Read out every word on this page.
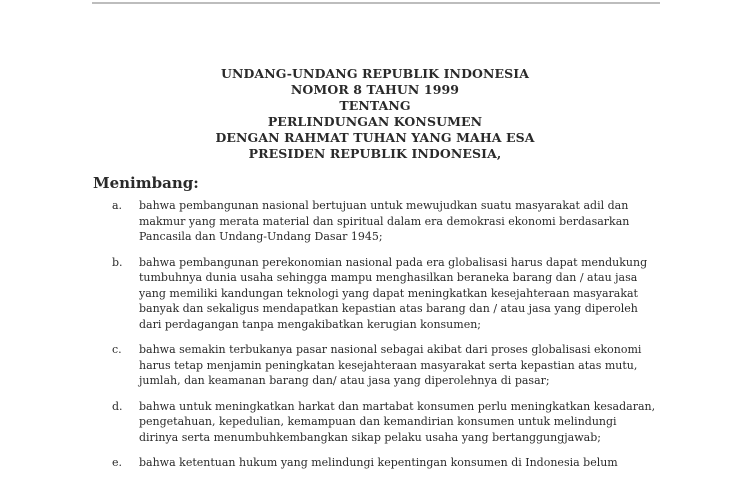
UNDANG-UNDANG REPUBLIK INDONESIA
NOMOR 8 TAHUN 1999
TENTANG
PERLINDUNGAN KONSUMEN
DENGAN RAHMAT TUHAN YANG MAHA ESA
PRESIDEN REPUBLIK INDONESIA,
Menimbang:
a.	bahwa pembangunan nasional bertujuan untuk mewujudkan suatu masyarakat adil dan
makmur yang merata material dan spiritual dalam era demokrasi ekonomi berdasarkan
Pancasila dan Undang-Undang Dasar 1945;
b.	bahwa pembangunan perekonomian nasional pada era globalisasi harus dapat mendukung
tumbuhnya dunia usaha sehingga mampu menghasilkan beraneka barang dan / atau jasa
yang memiliki kandungan teknologi yang dapat meningkatkan kesejahteraan masyarakat
banyak dan sekaligus mendapatkan kepastian atas barang dan / atau jasa yang diperoleh
dari perdagangan tanpa mengakibatkan kerugian konsumen;
c.	bahwa semakin terbukanya pasar nasional sebagai akibat dari proses globalisasi ekonomi
harus tetap menjamin peningkatan kesejahteraan masyarakat serta kepastian atas mutu,
jumlah, dan keamanan barang dan/ atau jasa yang diperolehnya di pasar;
d.	bahwa untuk meningkatkan harkat dan martabat konsumen perlu meningkatkan kesadaran,
pengetahuan, kepedulian, kemampuan dan kemandirian konsumen untuk melindungi
dirinya serta menumbuhkembangkan sikap pelaku usaha yang bertanggungjawab;
e.	bahwa ketentuan hukum yang melindungi kepentingan konsumen di Indonesia belum
